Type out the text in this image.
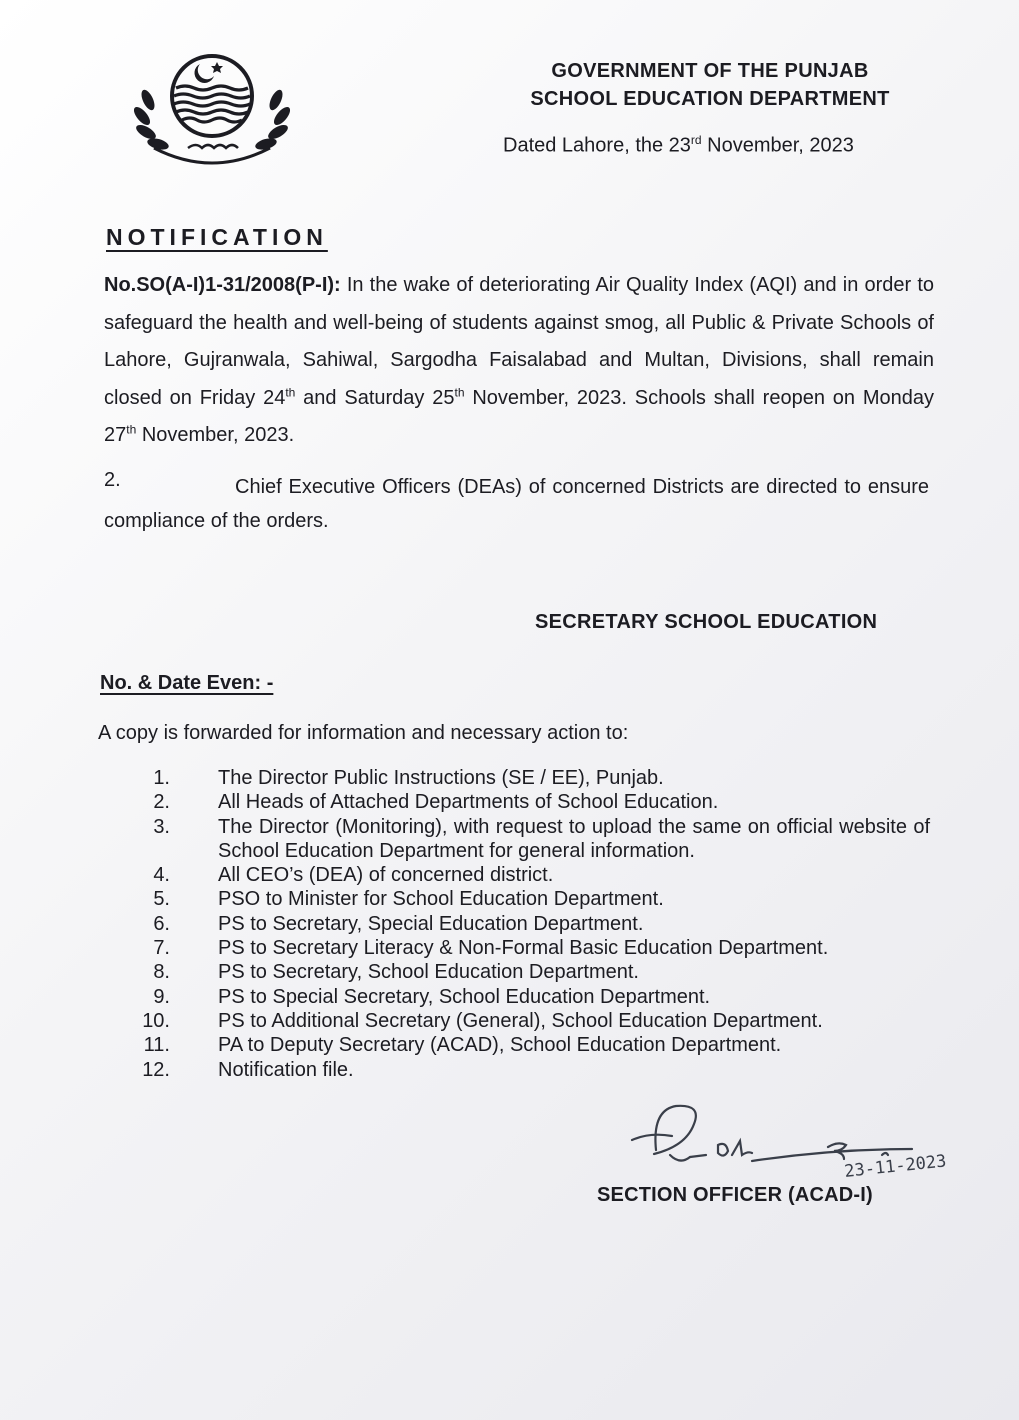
GOVERNMENT OF THE PUNJAB
SCHOOL EDUCATION DEPARTMENT
Dated Lahore, the 23rd November, 2023
NOTIFICATION
No.SO(A-I)1-31/2008(P-I): In the wake of deteriorating Air Quality Index (AQI) and in order to safeguard the health and well-being of students against smog, all Public & Private Schools of Lahore, Gujranwala, Sahiwal, Sargodha Faisalabad and Multan, Divisions, shall remain closed on Friday 24th and Saturday 25th November, 2023. Schools shall reopen on Monday 27th November, 2023.
2.	Chief Executive Officers (DEAs) of concerned Districts are directed to ensure compliance of the orders.
SECRETARY SCHOOL EDUCATION
No. & Date Even: -
A copy is forwarded for information and necessary action to:
1. The Director Public Instructions (SE / EE), Punjab.
2. All Heads of Attached Departments of School Education.
3. The Director (Monitoring), with request to upload the same on official website of School Education Department for general information.
4. All CEO’s (DEA) of concerned district.
5. PSO to Minister for School Education Department.
6. PS to Secretary, Special Education Department.
7. PS to Secretary Literacy & Non-Formal Basic Education Department.
8. PS to Secretary, School Education Department.
9. PS to Special Secretary, School Education Department.
10. PS to Additional Secretary (General), School Education Department.
11. PA to Deputy Secretary (ACAD), School Education Department.
12. Notification file.
23-11-2023
SECTION OFFICER (ACAD-I)
